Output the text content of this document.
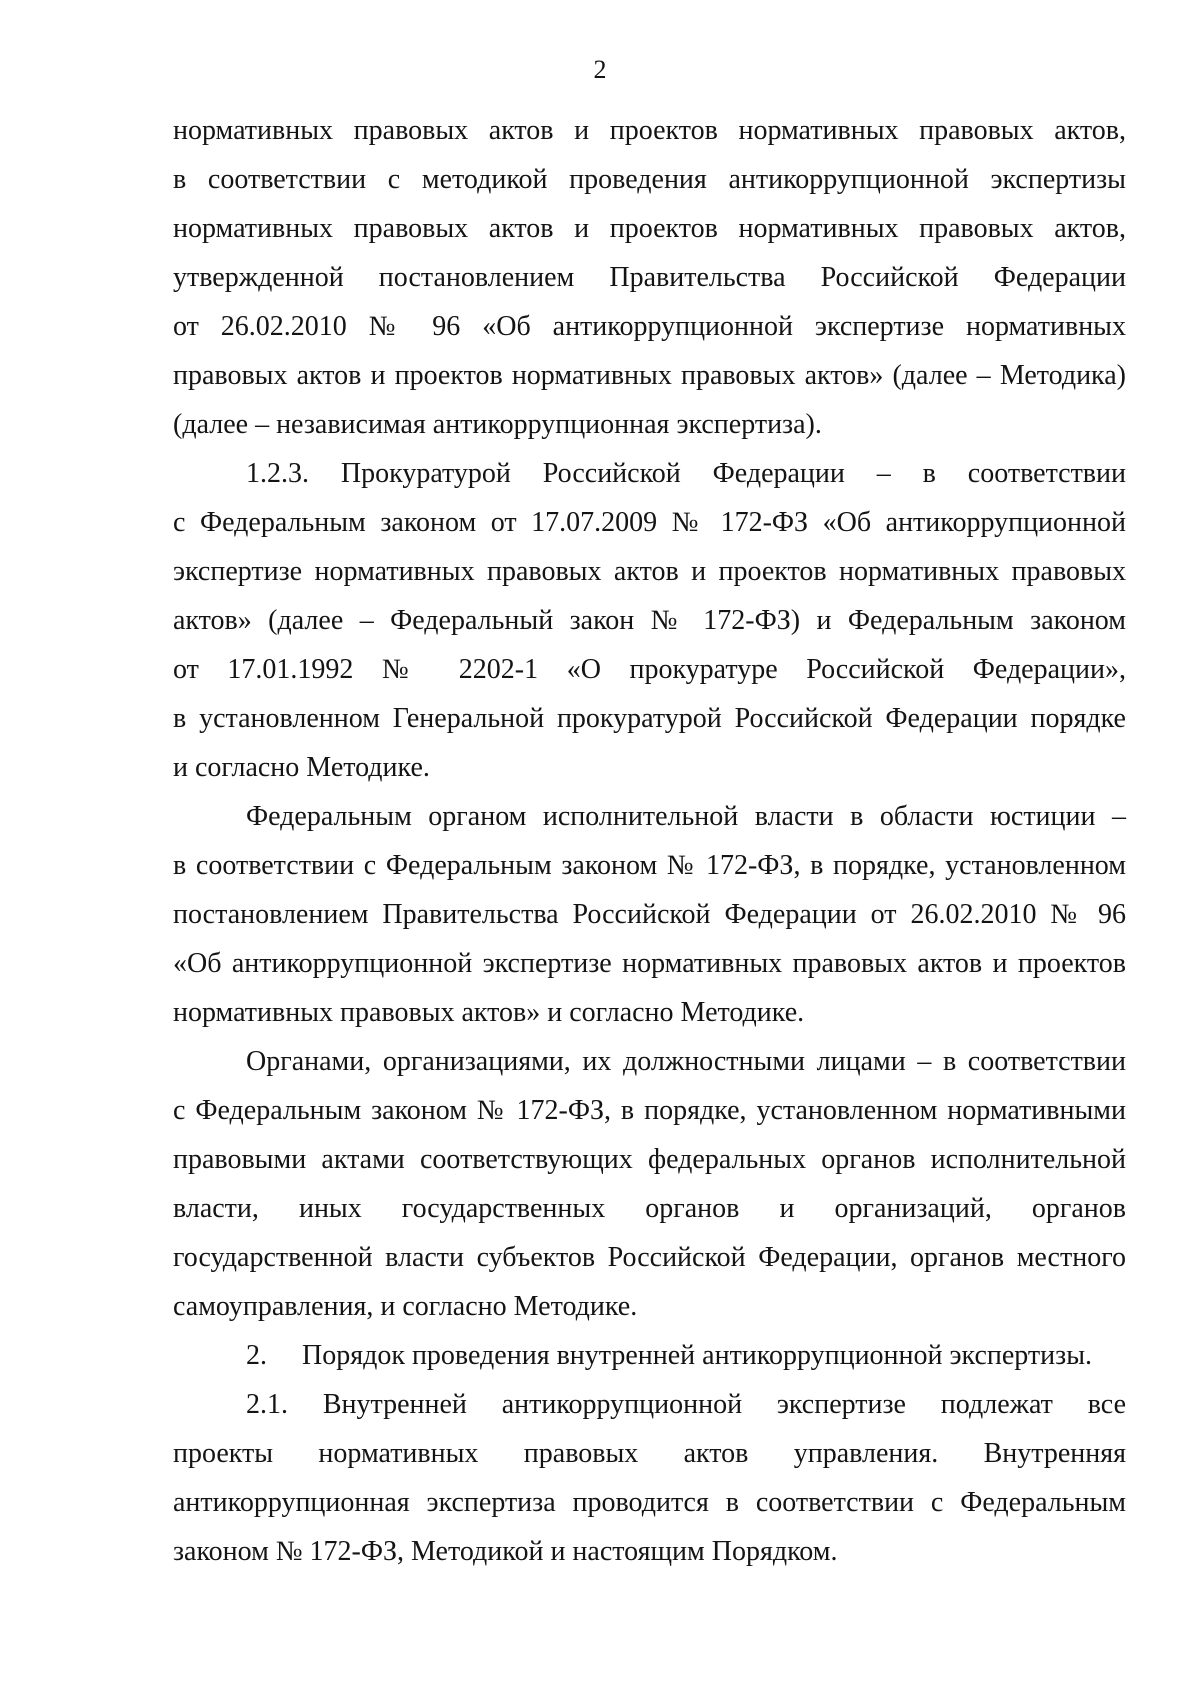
2
нормативных правовых актов и проектов нормативных правовых актов,
в соответствии с методикой проведения антикоррупционной экспертизы
нормативных правовых актов и проектов нормативных правовых актов,
утвержденной постановлением Правительства Российской Федерации
от 26.02.2010 № 96 «Об антикоррупционной экспертизе нормативных
правовых актов и проектов нормативных правовых актов» (далее – Методика)
(далее – независимая антикоррупционная экспертиза).
1.2.3. Прокуратурой Российской Федерации – в соответствии
с Федеральным законом от 17.07.2009 № 172-ФЗ «Об антикоррупционной
экспертизе нормативных правовых актов и проектов нормативных правовых
актов» (далее – Федеральный закон № 172-ФЗ) и Федеральным законом
от 17.01.1992 № 2202-1 «О прокуратуре Российской Федерации»,
в установленном Генеральной прокуратурой Российской Федерации порядке
и согласно Методике.
Федеральным органом исполнительной власти в области юстиции –
в соответствии с Федеральным законом № 172-ФЗ, в порядке, установленном
постановлением Правительства Российской Федерации от 26.02.2010 № 96
«Об антикоррупционной экспертизе нормативных правовых актов и проектов
нормативных правовых актов» и согласно Методике.
Органами, организациями, их должностными лицами – в соответствии
с Федеральным законом № 172-ФЗ, в порядке, установленном нормативными
правовыми актами соответствующих федеральных органов исполнительной
власти, иных государственных органов и организаций, органов
государственной власти субъектов Российской Федерации, органов местного
самоуправления, и согласно Методике.
2.     Порядок проведения внутренней антикоррупционной экспертизы.
2.1. Внутренней антикоррупционной экспертизе подлежат все
проекты нормативных правовых актов управления. Внутренняя
антикоррупционная экспертиза проводится в соответствии с Федеральным
законом № 172-ФЗ, Методикой и настоящим Порядком.
